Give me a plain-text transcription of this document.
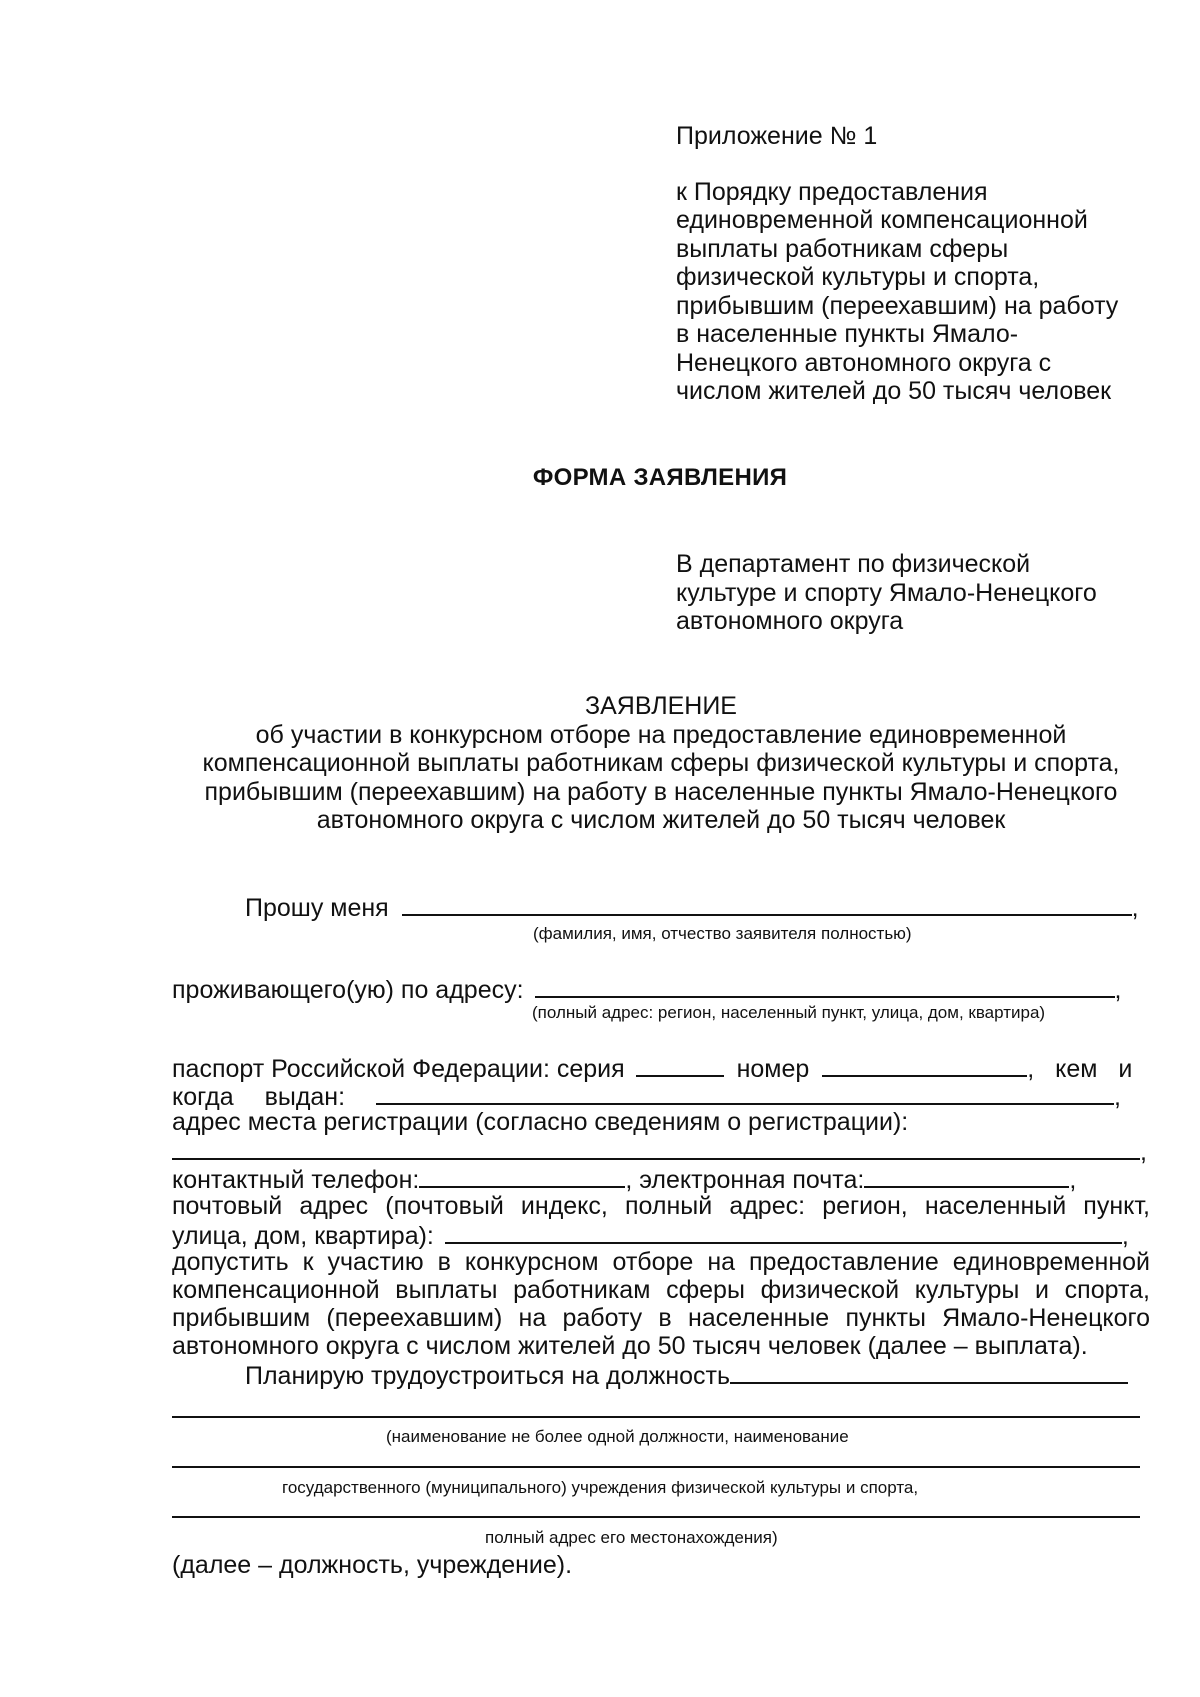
Приложение № 1
к Порядку предоставления
единовременной компенсационной
выплаты работникам сферы
физической культуры и спорта,
прибывшим (переехавшим) на работу
в населенные пункты Ямало-
Ненецкого автономного округа с
числом жителей до 50 тысяч человек
ФОРМА ЗАЯВЛЕНИЯ
В департамент по физической
культуре и спорту Ямало-Ненецкого
автономного округа
ЗАЯВЛЕНИЕ
об участии в конкурсном отборе на предоставление единовременной
компенсационной выплаты работникам сферы физической культуры и спорта,
прибывшим (переехавшим) на работу в населенные пункты Ямало-Ненецкого
автономного округа с числом жителей до 50 тысяч человек
Прошу меня	,
(фамилия, имя, отчество заявителя полностью)
проживающего(ую) по адресу:	,
(полный адрес: регион, населенный пункт, улица, дом, квартира)
паспорт Российской Федерации: серия	номер	, кем и
когда выдан:	,
адрес места регистрации (согласно сведениям о регистрации):
,
контактный телефон:	, электронная почта:	,
почтовый адрес (почтовый индекс, полный адрес: регион, населенный пункт,
улица, дом, квартира):	,
допустить к участию в конкурсном отборе на предоставление единовременной
компенсационной выплаты работникам сферы физической культуры и спорта,
прибывшим (переехавшим) на работу в населенные пункты Ямало-Ненецкого
автономного округа с числом жителей до 50 тысяч человек (далее – выплата).
Планирую трудоустроиться на должность
(наименование не более одной должности, наименование
государственного (муниципального) учреждения физической культуры и спорта,
полный адрес его местонахождения)
(далее – должность, учреждение).
